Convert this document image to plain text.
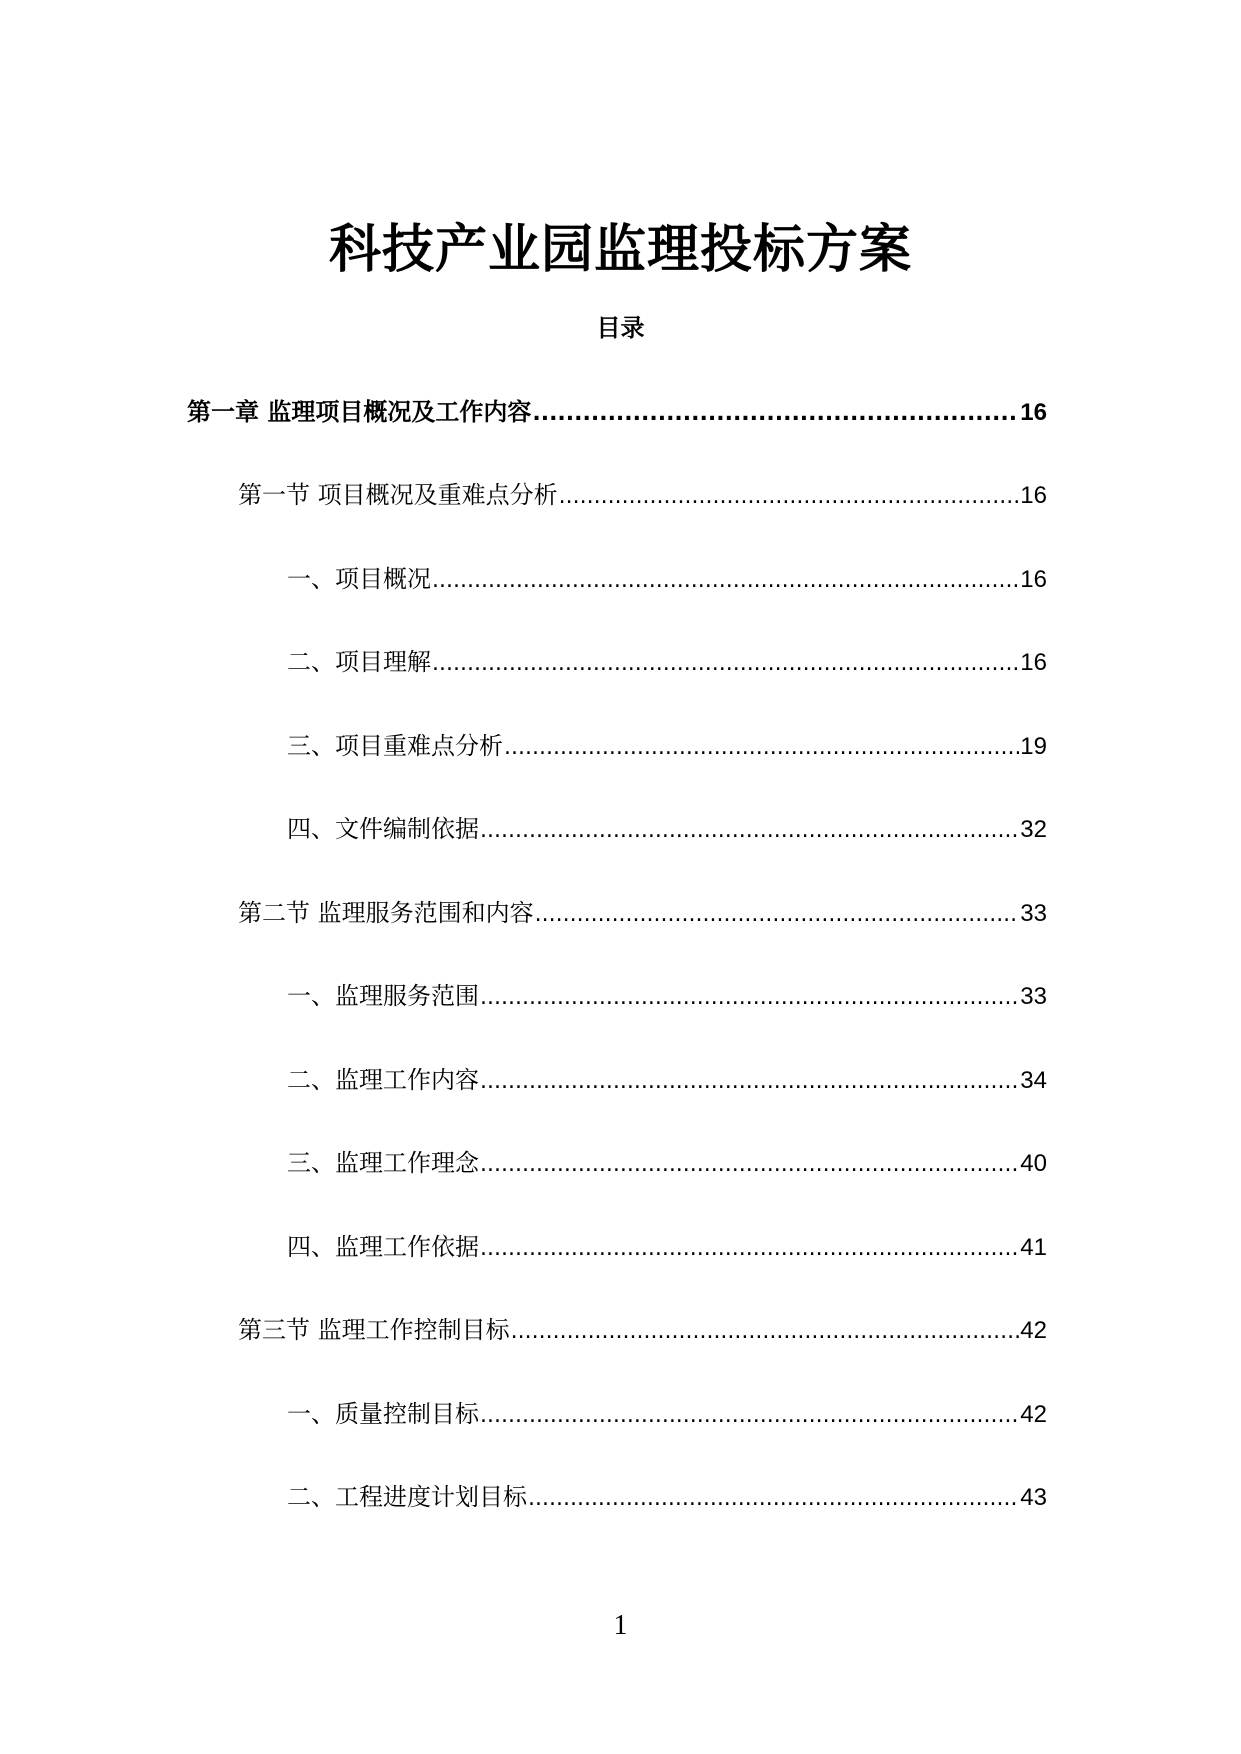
科技产业园监理投标方案
目录
第一章 监理项目概况及工作内容 .....	16
第一节 项目概况及重难点分析 .....	16
一、项目概况 .....	16
二、项目理解 .....	16
三、项目重难点分析 .....	19
四、文件编制依据 .....	32
第二节 监理服务范围和内容 .....	33
一、监理服务范围 .....	33
二、监理工作内容 .....	34
三、监理工作理念 .....	40
四、监理工作依据 .....	41
第三节 监理工作控制目标 .....	42
一、质量控制目标 .....	42
二、工程进度计划目标 .....	43
1
